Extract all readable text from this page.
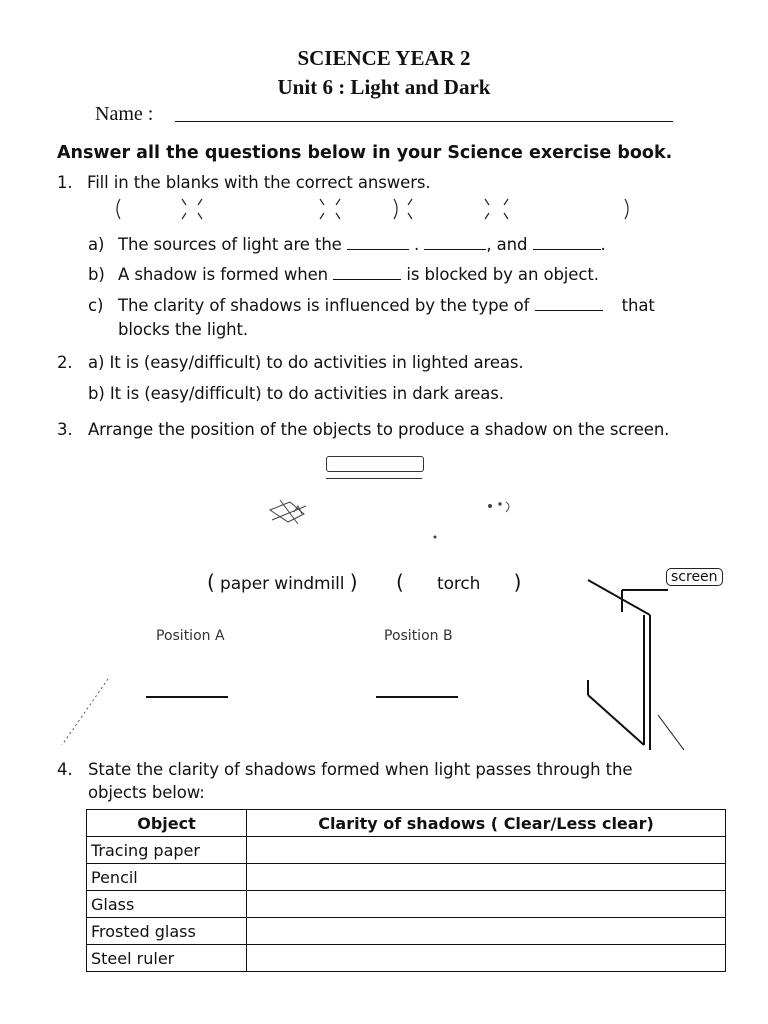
SCIENCE YEAR 2
Unit 6 : Light and Dark
Name :
Answer all the questions below in your Science exercise book.
1. Fill in the blanks with the correct answers.
a) The sources of light are the	.	, and	.
b) A shadow is formed when	is blocked by an object.
c) The clarity of shadows is influenced by the type of	that
blocks the light.
2. a) It is (easy/difficult) to do activities in lighted areas.
b) It is (easy/difficult) to do activities in dark areas.
3. Arrange the position of the objects to produce a shadow on the screen.
( paper windmill ) ( torch )	screen
Position A	Position B
4. State the clarity of shadows formed when light passes through the
objects below:
Object	Clarity of shadows ( Clear/Less clear)
Tracing paper	
Pencil	
Glass	
Frosted glass	
Steel ruler	
